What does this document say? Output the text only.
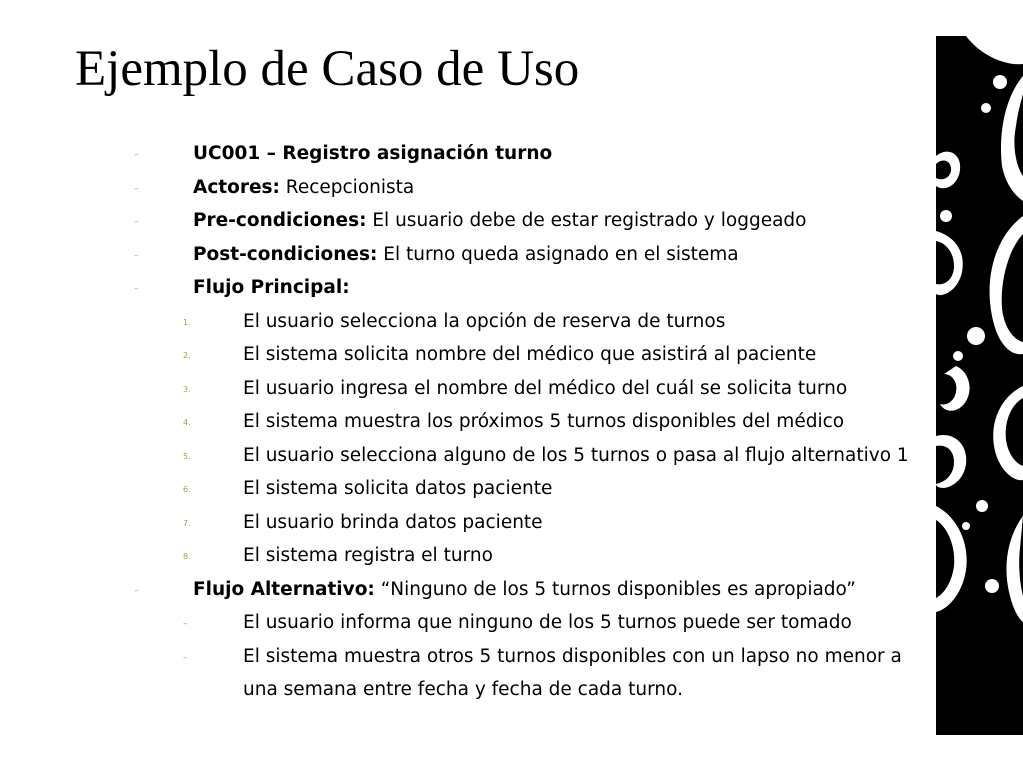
Ejemplo de Caso de Uso
–	UC001 – Registro asignación turno
–	Actores: Recepcionista
–	Pre-condiciones: El usuario debe de estar registrado y loggeado
–	Post-condiciones: El turno queda asignado en el sistema
–	Flujo Principal:
1.	El usuario selecciona la opción de reserva de turnos
2.	El sistema solicita nombre del médico que asistirá al paciente
3.	El usuario ingresa el nombre del médico del cuál se solicita turno
4.	El sistema muestra los próximos 5 turnos disponibles del médico
5.	El usuario selecciona alguno de los 5 turnos o pasa al flujo alternativo 1
6.	El sistema solicita datos paciente
7.	El usuario brinda datos paciente
8.	El sistema registra el turno
–	Flujo Alternativo: “Ninguno de los 5 turnos disponibles es apropiado”
–	El usuario informa que ninguno de los 5 turnos puede ser tomado
–	El sistema muestra otros 5 turnos disponibles con un lapso no menor a
una semana entre fecha y fecha de cada turno.
